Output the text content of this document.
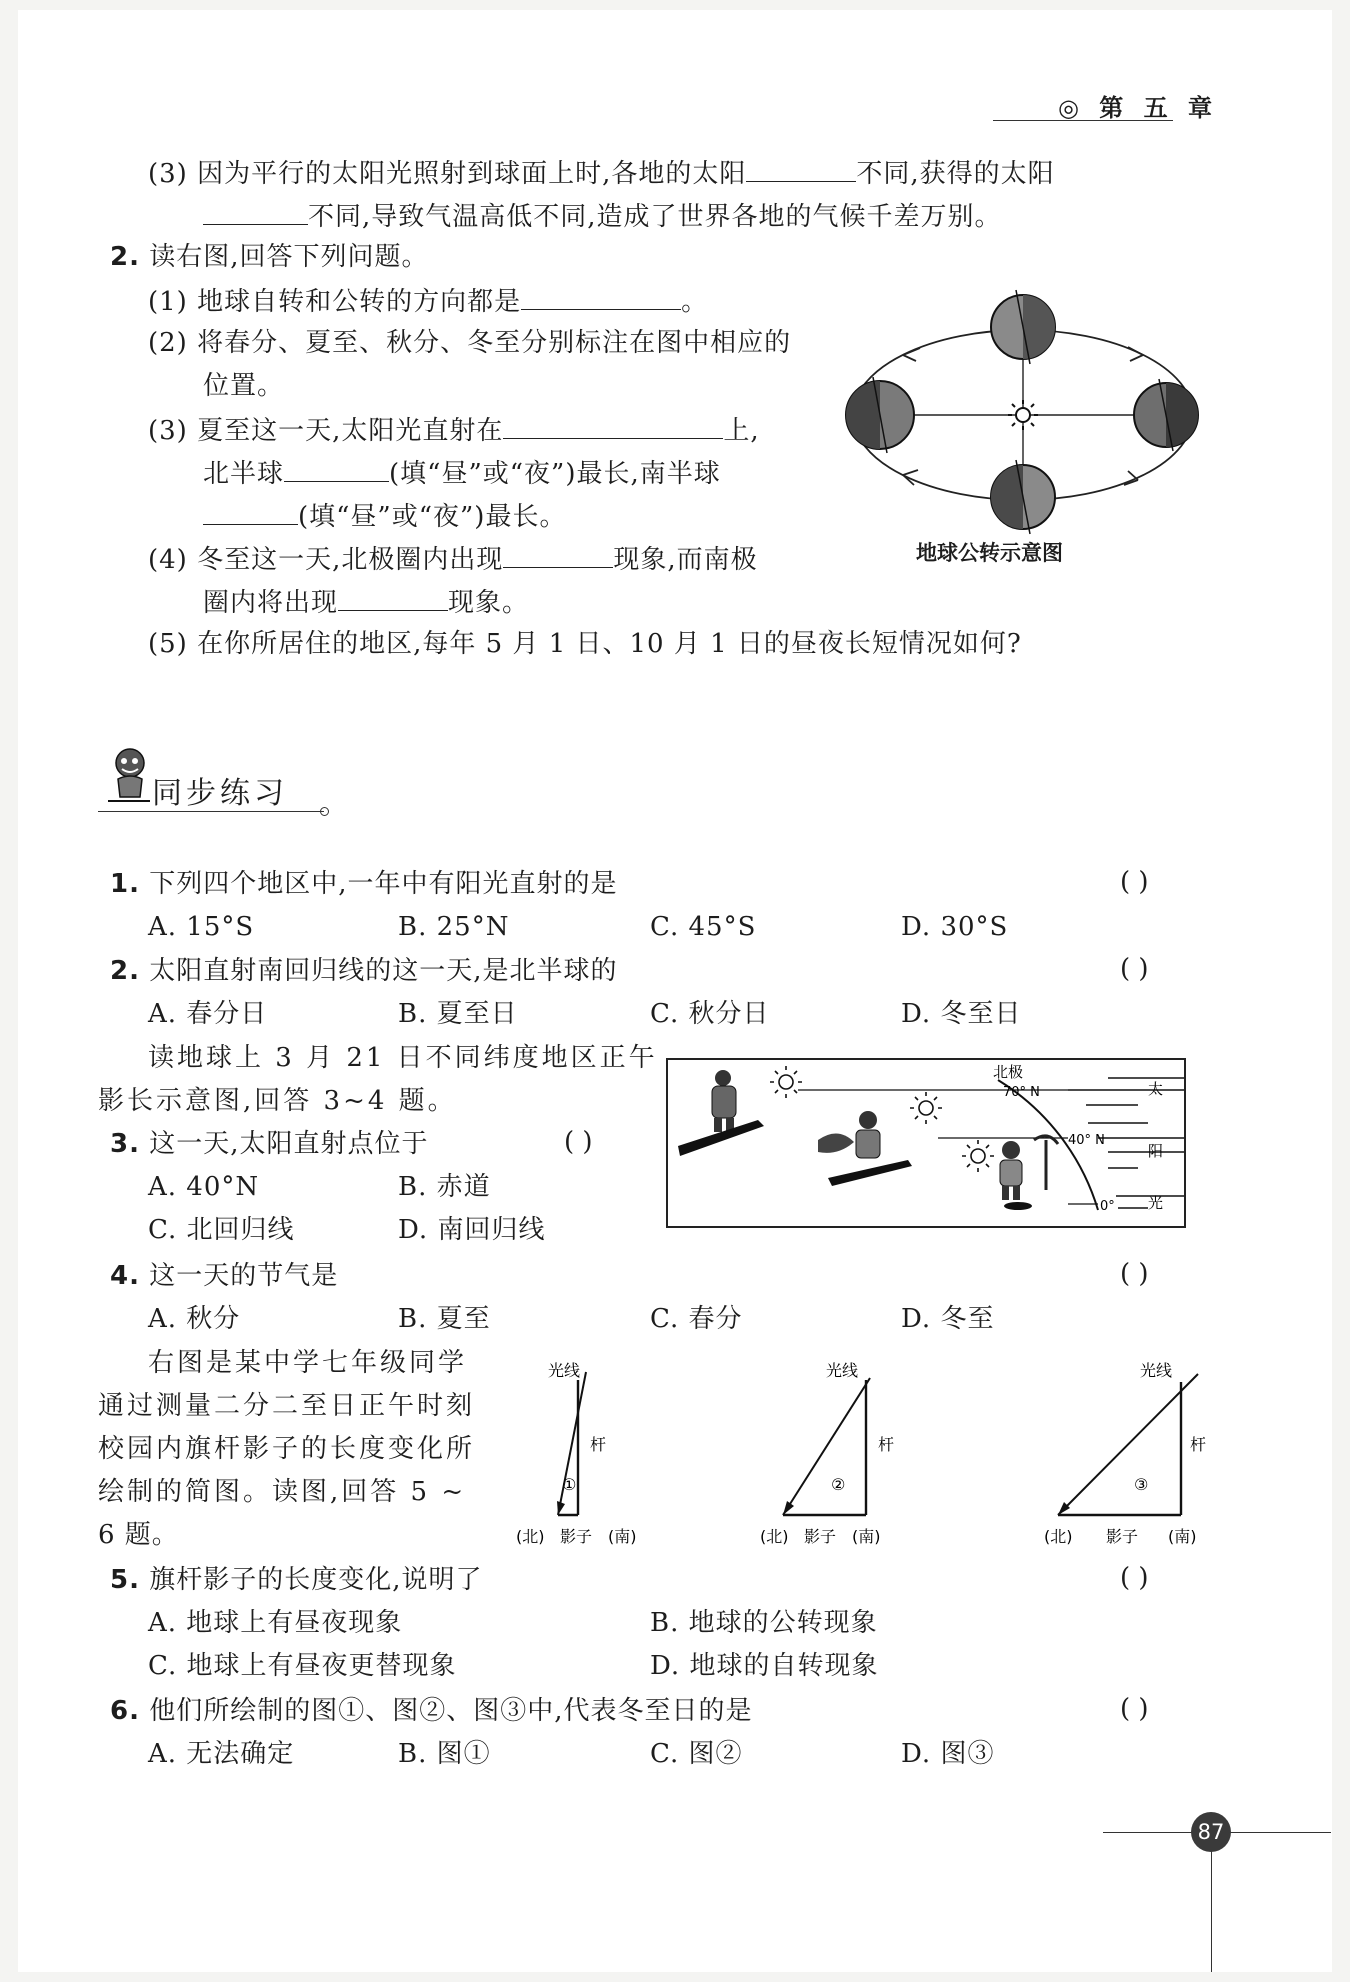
◎ 第 五 章
(3) 因为平行的太阳光照射到球面上时,各地的太阳	不同,获得的太阳
不同,导致气温高低不同,造成了世界各地的气候千差万别。
2. 读右图,回答下列问题。
(1) 地球自转和公转的方向都是	。
(2) 将春分、夏至、秋分、冬至分别标注在图中相应的
位置。
(3) 夏至这一天,太阳光直射在	上,
北半球	(填“昼”或“夜”)最长,南半球
(填“昼”或“夜”)最长。
(4) 冬至这一天,北极圈内出现	现象,而南极
圈内将出现	现象。
(5) 在你所居住的地区,每年 5 月 1 日、10 月 1 日的昼夜长短情况如何?
地球公转示意图
同步练习
1. 下列四个地区中,一年中有阳光直射的是	( )
A. 15°S	B. 25°N	C. 45°S	D. 30°S
2. 太阳直射南回归线的这一天,是北半球的	( )
A. 春分日	B. 夏至日	C. 秋分日	D. 冬至日
读地球上 3 月 21 日不同纬度地区正午
影长示意图,回答 3~4 题。
北极
70° N
40° N
0°
太
阳
光
3. 这一天,太阳直射点位于	( )
A. 40°N	B. 赤道
C. 北回归线	D. 南回归线
4. 这一天的节气是	( )
A. 秋分	B. 夏至	C. 春分	D. 冬至
右图是某中学七年级同学
通过测量二分二至日正午时刻
校园内旗杆影子的长度变化所
绘制的简图。读图,回答 5 ~
6 题。
光线
杆
①
(北) 影子 (南)
光线
杆
②
(北) 影子 (南)
光线
杆
③
(北) 影子 (南)
5. 旗杆影子的长度变化,说明了	( )
A. 地球上有昼夜现象	B. 地球的公转现象
C. 地球上有昼夜更替现象	D. 地球的自转现象
6. 他们所绘制的图①、图②、图③中,代表冬至日的是	( )
A. 无法确定	B. 图①	C. 图②	D. 图③
87
